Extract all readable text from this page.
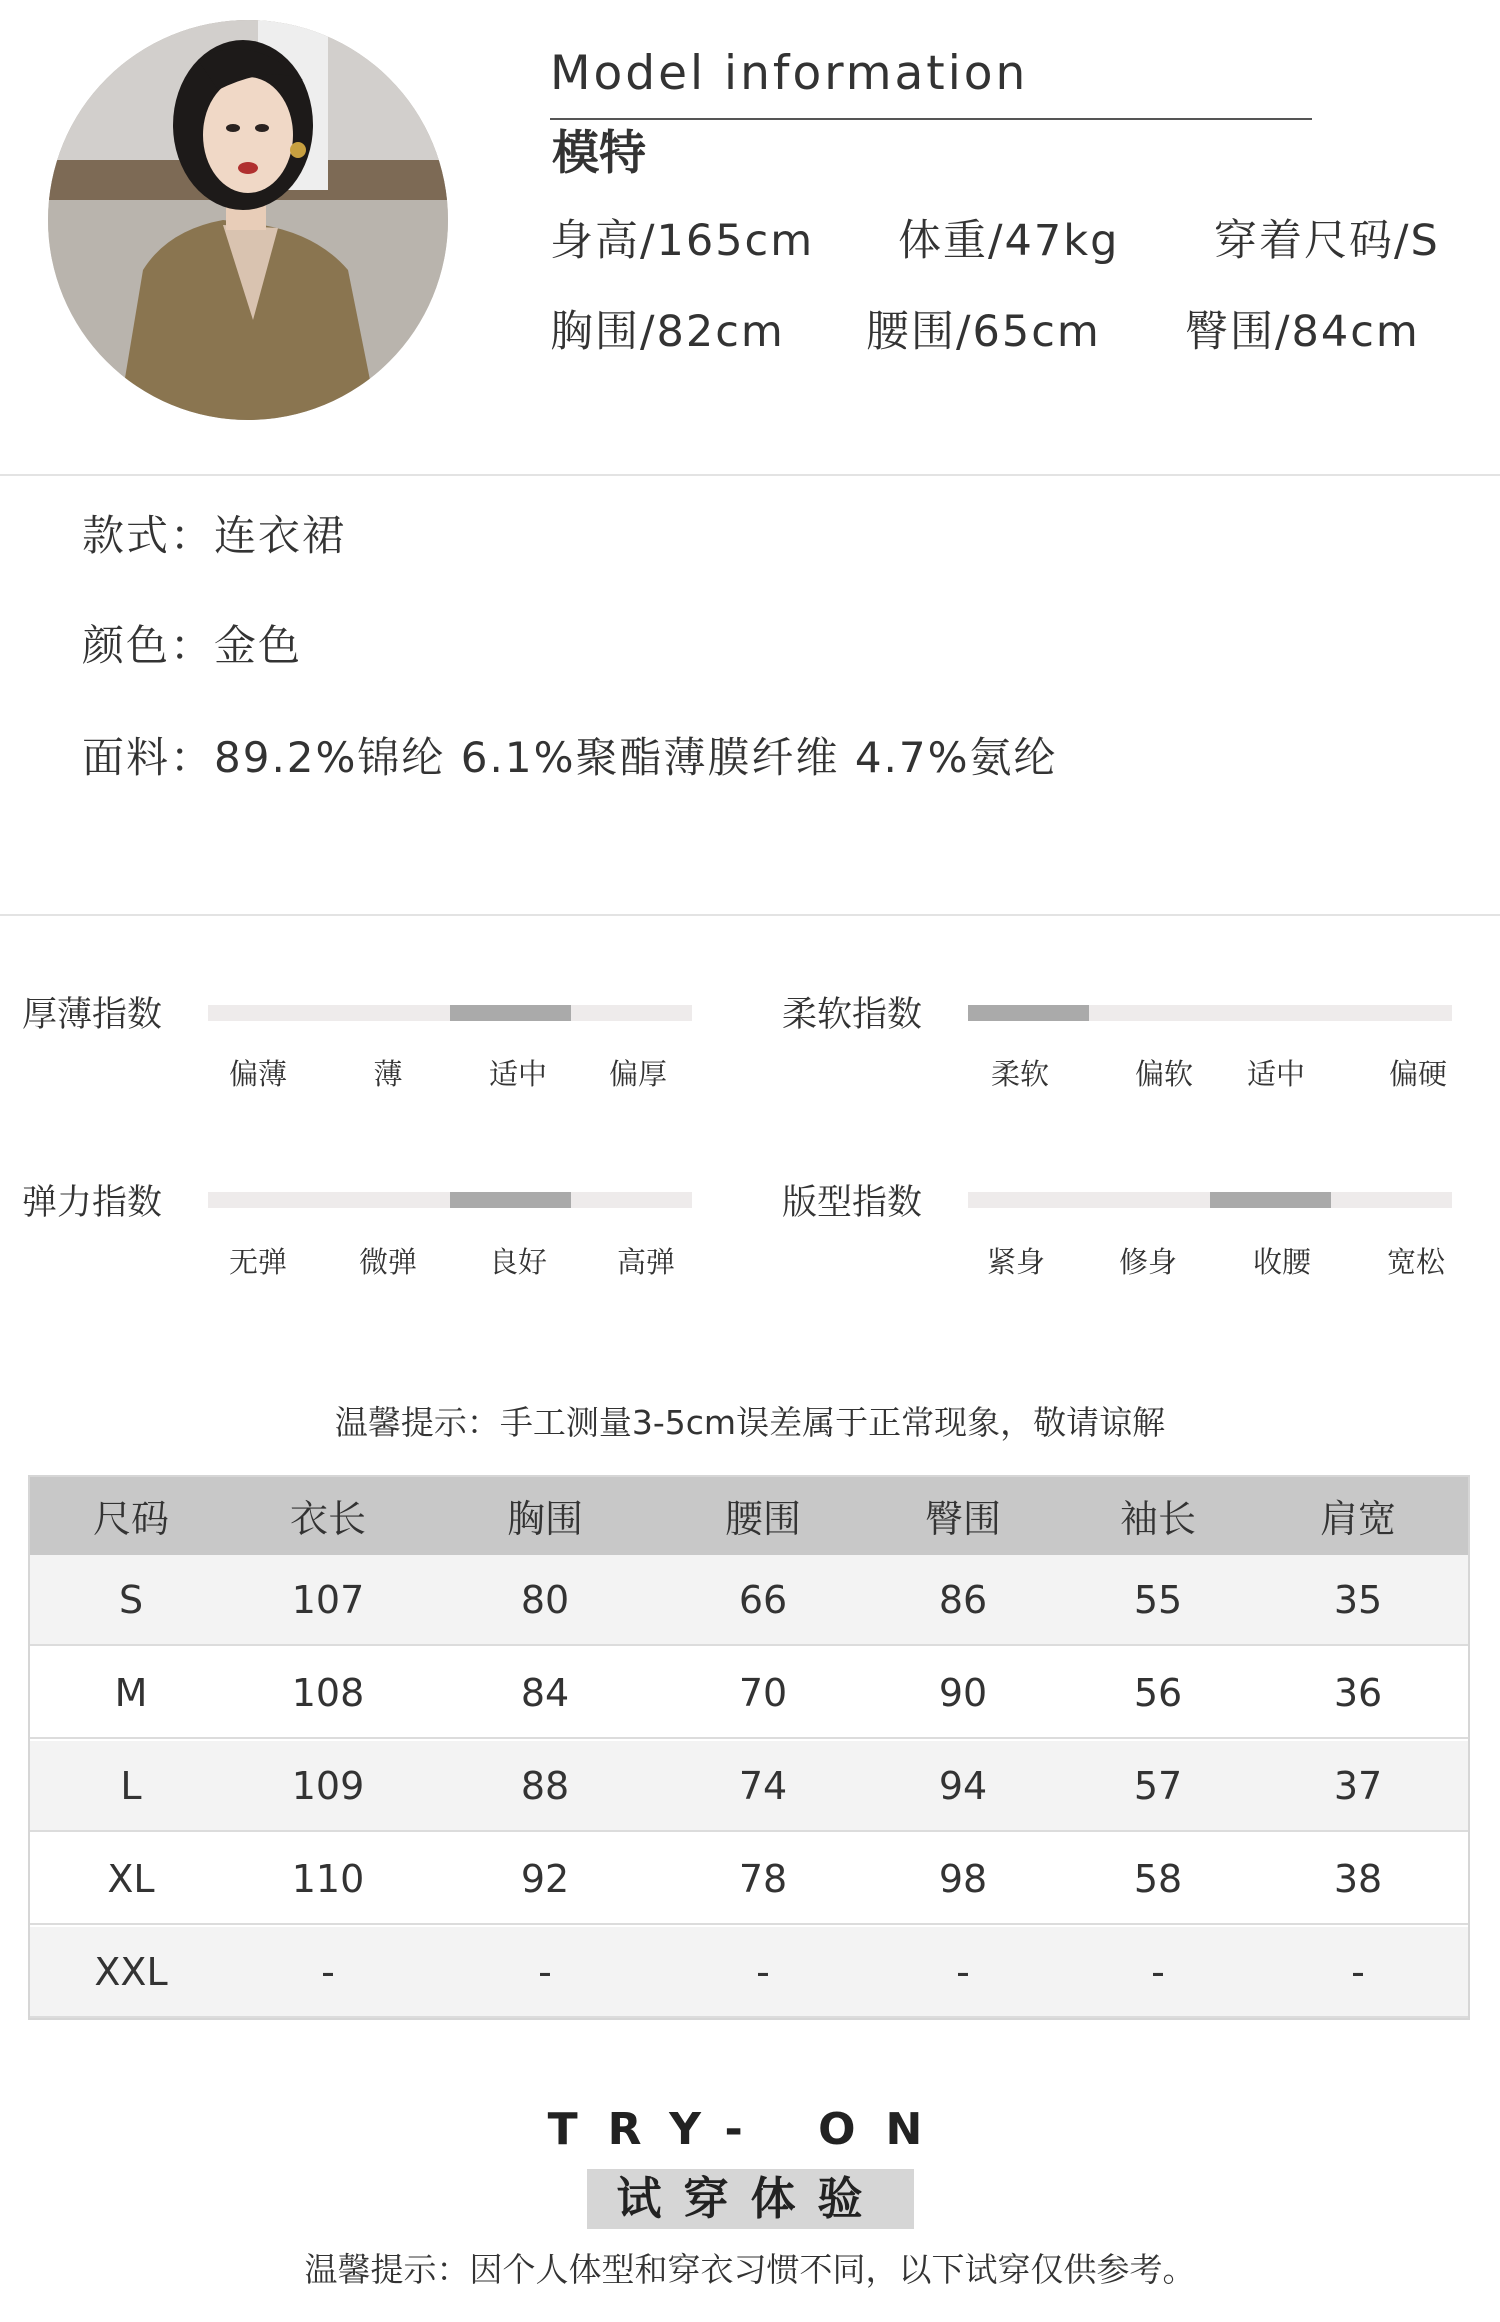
Model information
模特
身高/165cm 体重/47kg 穿着尺码/S
胸围/82cm 腰围/65cm 臀围/84cm
款式：连衣裙
颜色：金色
面料：89.2%锦纶 6.1%聚酯薄膜纤维 4.7%氨纶
厚薄指数
偏薄	薄	适中 偏厚
柔软指数
柔软	偏软 适中	偏硬
弹力指数
无弹 微弹 良好 高弹
版型指数
紧身	修身	收腰	宽松
温馨提示：手工测量3-5cm误差属于正常现象，敬请谅解
尺码	衣长	胸围	腰围	臀围	袖长	肩宽
S	107	80	66	86	55	35
M	108	84	70	90	56	36
L	109	88	74	94	57	37
XL	110	92	78	98	58	38
XXL	-	-	-	-	-	-
TRY- ON
试穿体验
温馨提示：因个人体型和穿衣习惯不同，以下试穿仅供参考。
